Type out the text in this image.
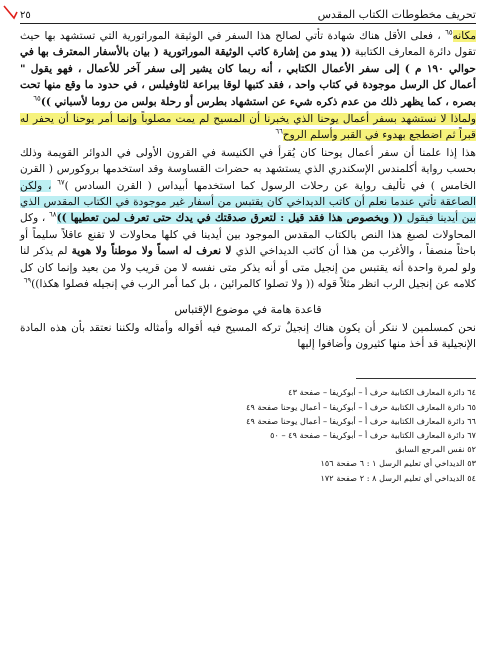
تحريف مخطوطات الكتاب المقدس
٢٥

مكانه$^{٦٥}$ ، فعلى الأقل هناك شهادة تأتي لصالح هذا السفر في الوثيقة الموراتورية التي تستشهد بها حيث تقول دائرة المعارف الكتابية (( يبدو من إشارة كاتب الوثيقة الموراتورية ( بيان بالأسفار المعترف بها في حوالي ١٩٠ م ) إلى سفر الأعمال الكتابي ، أنه ربما كان يشير إلى سفر آخر للأعمال ، فهو يقول " أعمال كل الرسل موجودة في كتاب واحد ، فقد كتبها لوقا ببراعة لثاوفيلس ، في حدود ما وقع منها تحت بصره ، كما يظهر ذلك من عدم ذكره شيء عن استشهاد بطرس أو رحلة بولس من روما لأسباني ))$^{٦٥}$

ولماذا لا نستشهد بسفر أعمال يوحنا الذي يخبرنا أن المسيح لم يمت مصلوباً وإنما أمر يوحنا أن يحفر له قبراً ثم اضطجع بهدوء في القبر وأسلم الروح$^{٦٦}$

هذا إذا علمنا أن سفر أعمال يوحنا كان يُقرأ في الكنيسة في القرون الأولى في الدوائر القويمة وذلك بحسب رواية أكلمندس الإسكندري الذي يستشهد به حضرات القساوسة وقد استخدمها بروكورس ( القرن الخامس ) في تأليف رواية عن رحلات الرسول كما استخدمها أبيداس ( القرن السادس )$^{٦٧}$ ، ولكن الصاعقة تأتي عندما نعلم أن كاتب الديداخي كان يقتبس من أسفار غير موجودة في الكتاب المقدس الذي بين أيدينا فيقول (( وبخصوص هذا فقد قيل : لتعرق صدقتك في يدك حتى تعرف لمن تعطيها ))$^{٦٨}$ ، وكل المحاولات لصبغ هذا النص بالكتاب المقدس الموجود بين أيدينا في كلها محاولات لا تقنع عاقلاً سليماً أو باحثاً منصفاً ، والأغرب من هذا أن كاتب الديداخي الذي لا نعرف له اسماً ولا موطناً ولا هوية لم يذكر لنا ولو لمرة واحدة أنه يقتبس من إنجيل متى أو أنه يذكر متى نفسه لا من قريب ولا من بعيد وإنما كان كل كلامه عن إنجيل الرب انظر مثلاً قوله (( ولا تصلوا كالمرائين ، بل كما أمر الرب في إنجيله فصلوا هكذا))$^{٦٩}$

قاعدة هامة في موضوع الإقتباس

نحن كمسلمين لا ننكر أن يكون هناك إنجيلٌ تركه المسيح فيه أقواله وأمثاله ولكننا نعتقد بأن هذه المادة الإنجيلية قد أخذ منها كثيرون وأضافوا إليها

٦٤ دائرة المعارف الكتابية حرف أ – أبوكريفا – صفحة ٤٣
٦٥ دائرة المعارف الكتابية حرف أ – أبوكريفا – أعمال يوحنا صفحة ٤٩
٦٦ دائرة المعارف الكتابية حرف أ – أبوكريفا – أعمال يوحنا صفحة ٤٩
٦٧ دائرة المعارف الكتابية حرف أ – أبوكريفا – صفحة ٤٩ – ٥٠
٥٢ نفس المرجع السابق
٥٣ الديداخي أي تعليم الرسل ١ : ٦ صفحة ١٥٦
٥٤ الديداخي أي تعليم الرسل ٨ : ٢ صفحة ١٧٢
